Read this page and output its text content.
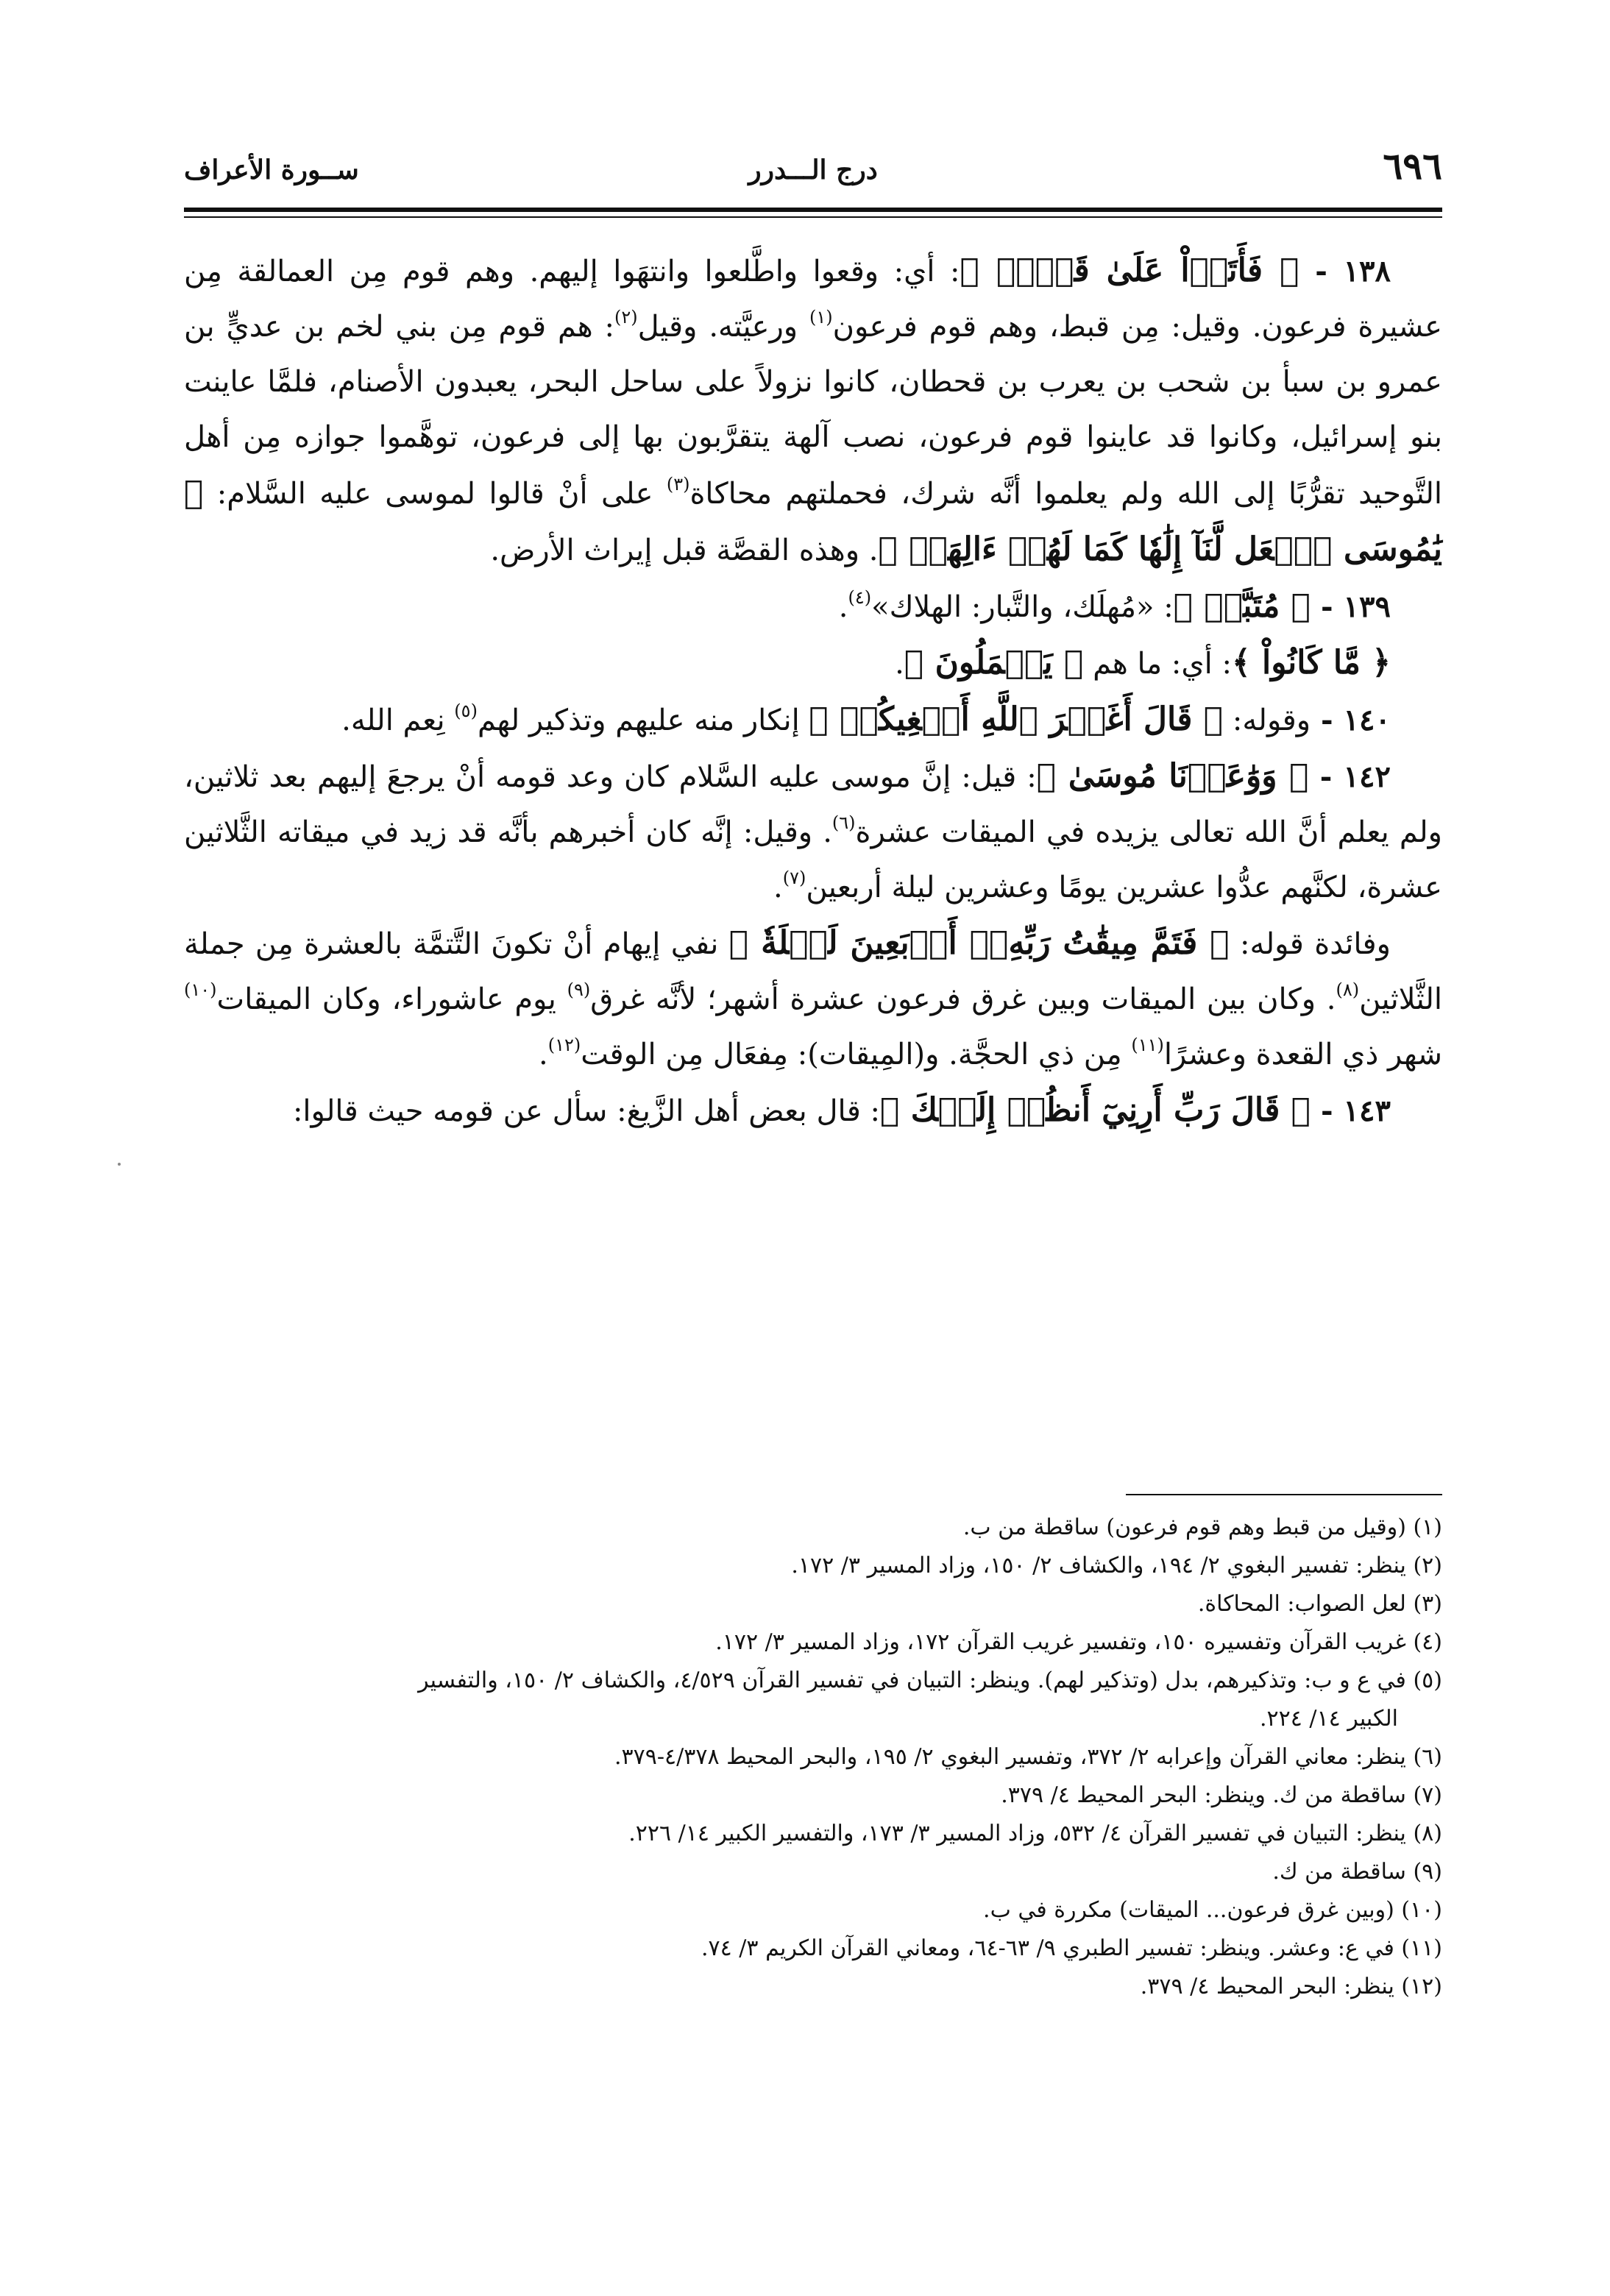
٦٩٦
درج الـــدرر
ســورة الأعراف

١٣٨ - ﴿ فَأَتَوۡاْ عَلَىٰ قَوۡمٖ ﴾: أي: وقعوا واطَّلعوا وانتهَوا إليهم. وهم قوم مِن العمالقة مِن عشيرة فرعون. وقيل: مِن قبط، وهم قوم فرعون$^{(١)}$ ورعيَّته. وقيل$^{(٢)}$: هم قوم مِن بني لخم بن عديٍّ بن عمرو بن سبأ بن شحب بن يعرب بن قحطان، كانوا نزولاً على ساحل البحر، يعبدون الأصنام، فلمَّا عاينت بنو إسرائيل، وكانوا قد عاينوا قوم فرعون، نصب آلهة يتقرَّبون بها إلى فرعون، توهَّموا جوازه مِن أهل التَّوحيد تقرُّبًا إلى الله ولم يعلموا أنَّه شرك، فحملتهم محاكاة$^{(٣)}$ على أنْ قالوا لموسى عليه السَّلام: ﴿ يَٰمُوسَى ٱجۡعَل لَّنَآ إِلَٰهٗا كَمَا لَهُمۡ ءَالِهَةٞ ﴾. وهذه القصَّة قبل إيراث الأرض.

١٣٩ - ﴿ مُتَبَّرٞ ﴾: «مُهلَك، والتَّبار: الهلاك»$^{(٤)}$.

﴿ مَّا كَانُواْ ﴾: أي: ما هم ﴿ يَعۡمَلُونَ ﴾.

١٤٠ - وقوله: ﴿ قَالَ أَغَيۡرَ ٱللَّهِ أَبۡغِيكُمۡ ﴾ إنكار منه عليهم وتذكير لهم$^{(٥)}$ نِعم الله.

١٤٢ - ﴿ وَوَٰعَدۡنَا مُوسَىٰ ﴾: قيل: إنَّ موسى عليه السَّلام كان وعد قومه أنْ يرجعَ إليهم بعد ثلاثين، ولم يعلم أنَّ الله تعالى يزيده في الميقات عشرة$^{(٦)}$. وقيل: إنَّه كان أخبرهم بأنَّه قد زيد في ميقاته الثَّلاثين عشرة، لكنَّهم عدُّوا عشرين يومًا وعشرين ليلة أربعين$^{(٧)}$.

وفائدة قوله: ﴿ فَتَمَّ مِيقَٰتُ رَبِّهِۦٓ أَرۡبَعِينَ لَيۡلَةٗ ﴾ نفي إيهام أنْ تكونَ التَّتمَّة بالعشرة مِن جملة الثَّلاثين$^{(٨)}$. وكان بين الميقات وبين غرق فرعون عشرة أشهر؛ لأنَّه غرق$^{(٩)}$ يوم عاشوراء، وكان الميقات$^{(١٠)}$ شهر ذي القعدة وعشرًا$^{(١١)}$ مِن ذي الحجَّة. و(المِيقات): مِفعَال مِن الوقت$^{(١٢)}$.

١٤٣ - ﴿ قَالَ رَبِّ أَرِنِيٓ أَنظُرۡ إِلَيۡكَ ﴾: قال بعض أهل الزَّيغ: سأل عن قومه حيث قالوا:

(١) (وقيل من قبط وهم قوم فرعون) ساقطة من ب.

(٢) ينظر: تفسير البغوي ٢/ ١٩٤، والكشاف ٢/ ١٥٠، وزاد المسير ٣/ ١٧٢.

(٣) لعل الصواب: المحاكاة.

(٤) غريب القرآن وتفسيره ١٥٠، وتفسير غريب القرآن ١٧٢، وزاد المسير ٣/ ١٧٢.

(٥) في ع و ب: وتذكيرهم، بدل (وتذكير لهم). وينظر: التبيان في تفسير القرآن ٤/٥٢٩، والكشاف ٢/ ١٥٠، والتفسير

الكبير ١٤/ ٢٢٤.

(٦) ينظر: معاني القرآن وإعرابه ٢/ ٣٧٢، وتفسير البغوي ٢/ ١٩٥، والبحر المحيط ٤/٣٧٨-٣٧٩.

(٧) ساقطة من ك. وينظر: البحر المحيط ٤/ ٣٧٩.

(٨) ينظر: التبيان في تفسير القرآن ٤/ ٥٣٢، وزاد المسير ٣/ ١٧٣، والتفسير الكبير ١٤/ ٢٢٦.

(٩) ساقطة من ك.

(١٠) (وبين غرق فرعون... الميقات) مكررة في ب.

(١١) في ع: وعشر. وينظر: تفسير الطبري ٩/ ٦٣-٦٤، ومعاني القرآن الكريم ٣/ ٧٤.

(١٢) ينظر: البحر المحيط ٤/ ٣٧٩.
